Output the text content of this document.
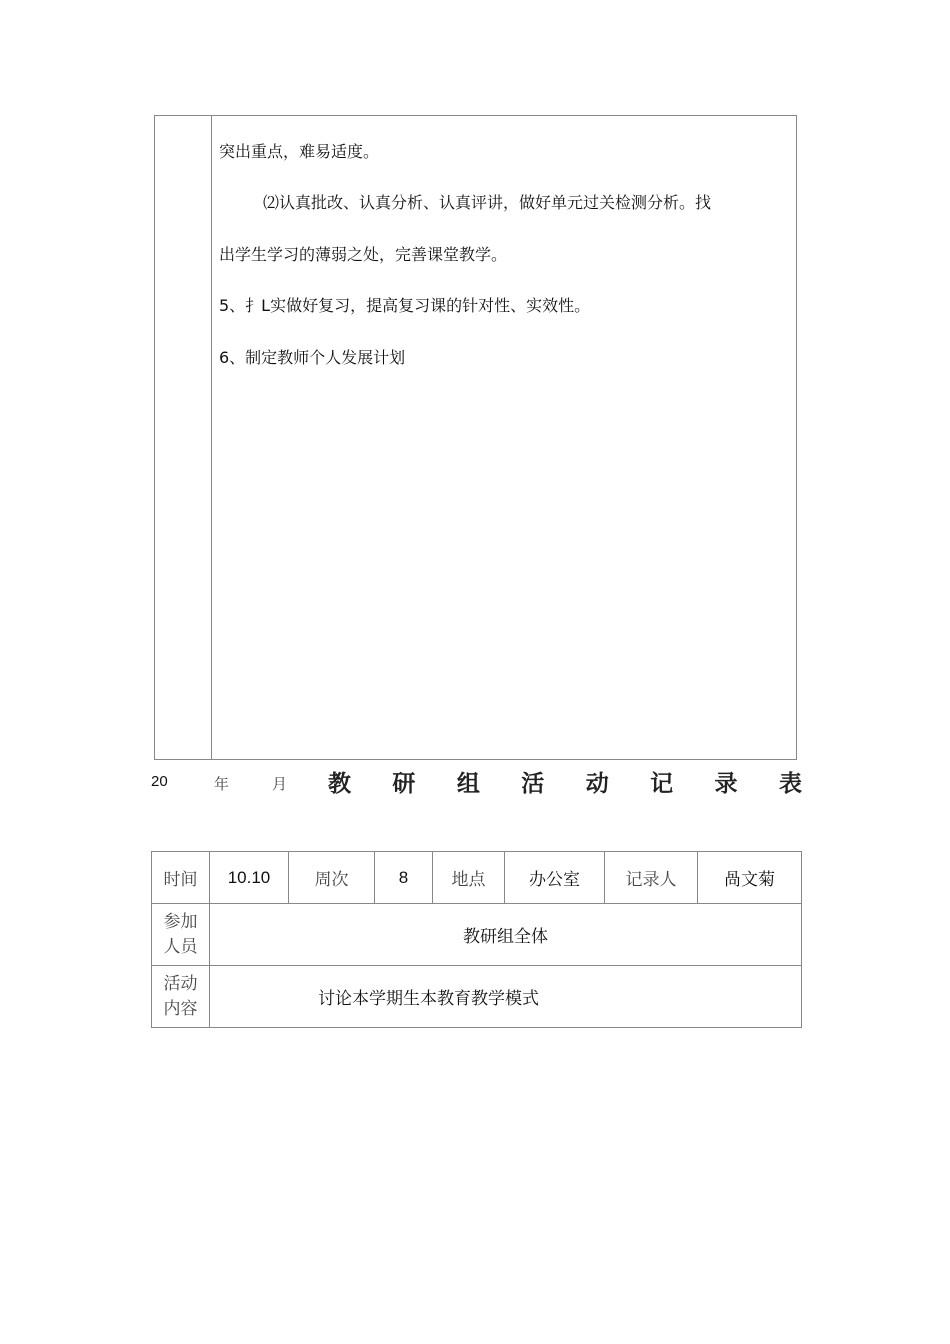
突出重点，难易适度。
⑵认真批改、认真分析、认真评讲，做好单元过关检测分析。找
出学生学习的薄弱之处，完善课堂教学。
5、扌L实做好复习，提高复习课的针对性、实效性。
6、制定教师个人发展计划
20	年	月 教 研 组 活 动 记 录 表
时间	10.10	周次	8	地点	办公室	记录人	咼文菊

参加
人员	教研组全体						

活动
内容	讨论本学期生本教育教学模式						
